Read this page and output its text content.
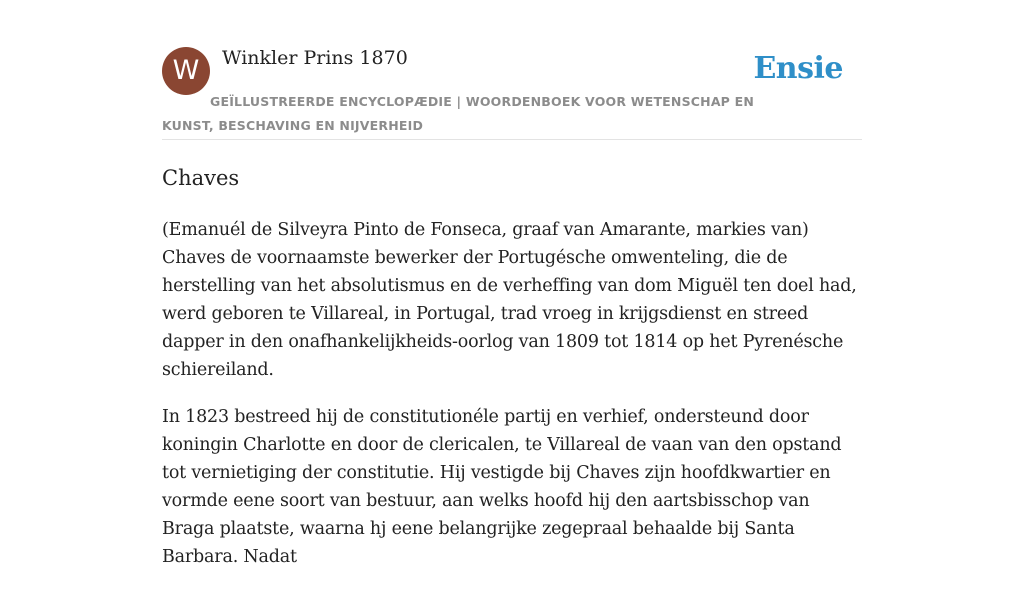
W	Winkler Prins 1870	Ensie
GEÏLLUSTREERDE ENCYCLOPÆDIE | WOORDENBOEK VOOR WETENSCHAP EN KUNST, BESCHAVING EN NIJVERHEID
Chaves

(Emanuél de Silveyra Pinto de Fonseca, graaf van Amarante, markies van) Chaves de voornaamste bewerker der Portugésche omwenteling, die de herstelling van het absolutismus en de verheffing van dom Miguël ten doel had, werd geboren te Villareal, in Portugal, trad vroeg in krijgsdienst en streed dapper in den onafhankelijkheids-oorlog van 1809 tot 1814 op het Pyrenésche schiereiland.

In 1823 bestreed hij de constitutionéle partij en verhief, ondersteund door koningin Charlotte en door de clericalen, te Villareal de vaan van den opstand tot vernietiging der constitutie. Hij vestigde bij Chaves zijn hoofdkwartier en vormde eene soort van bestuur, aan welks hoofd hij den aartsbisschop van Braga plaatste, waarna hj eene belangrijke zegepraal behaalde bij Santa Barbara. Nadat
